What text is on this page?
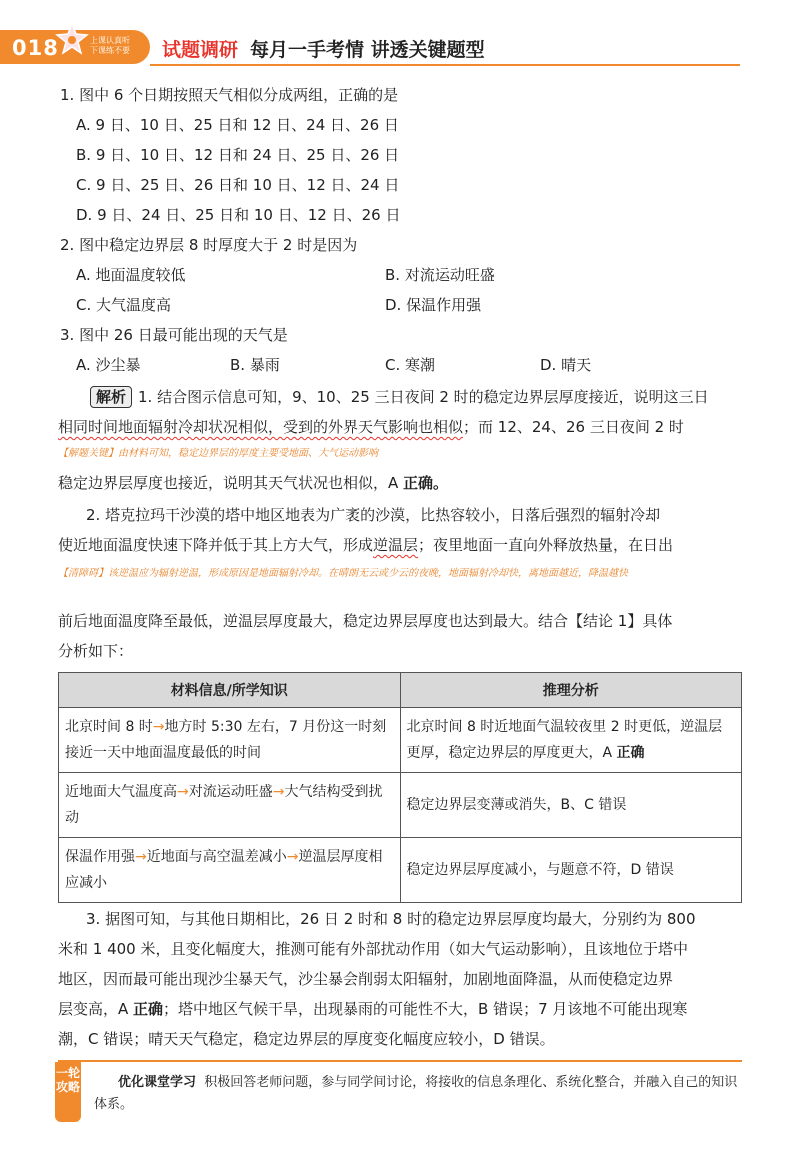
018	上课认真听 下课练不要	试题调研 每月一手考情 讲透关键题型
1. 图中 6 个日期按照天气相似分成两组，正确的是
A. 9 日、10 日、25 日和 12 日、24 日、26 日
B. 9 日、10 日、12 日和 24 日、25 日、26 日
C. 9 日、25 日、26 日和 10 日、12 日、24 日
D. 9 日、24 日、25 日和 10 日、12 日、26 日
2. 图中稳定边界层 8 时厚度大于 2 时是因为
A. 地面温度较低	B. 对流运动旺盛
C. 大气温度高	D. 保温作用强
3. 图中 26 日最可能出现的天气是
A. 沙尘暴	B. 暴雨	C. 寒潮	D. 晴天
解析 1. 结合图示信息可知，9、10、25 三日夜间 2 时的稳定边界层厚度接近，说明这三日
相同时间地面辐射冷却状况相似，受到的外界天气影响也相似；而 12、24、26 三日夜间 2 时
【解题关键】由材料可知，稳定边界层的厚度主要受地面、大气运动影响
稳定边界层厚度也接近，说明其天气状况也相似，A 正确。
2. 塔克拉玛干沙漠的塔中地区地表为广袤的沙漠，比热容较小，日落后强烈的辐射冷却
使近地面温度快速下降并低于其上方大气，形成逆温层；夜里地面一直向外释放热量，在日出
【清障碍】该逆温应为辐射逆温，形成原因是地面辐射冷却。在晴朗无云或少云的夜晚，地面辐射冷却快，离地面越近，降温越快
前后地面温度降至最低，逆温层厚度最大，稳定边界层厚度也达到最大。结合【结论 1】具体
分析如下：
材料信息/所学知识	推理分析
北京时间 8 时→地方时 5:30 左右，7 月份这一时刻接近一天中地面温度最低的时间	北京时间 8 时近地面气温较夜里 2 时更低，逆温层更厚，稳定边界层的厚度更大，A 正确
近地面大气温度高→对流运动旺盛→大气结构受到扰动	稳定边界层变薄或消失，B、C 错误
保温作用强→近地面与高空温差减小→逆温层厚度相应减小	稳定边界层厚度减小，与题意不符，D 错误
3. 据图可知，与其他日期相比，26 日 2 时和 8 时的稳定边界层厚度均最大，分别约为 800
米和 1 400 米，且变化幅度大，推测可能有外部扰动作用（如大气运动影响），且该地位于塔中
地区，因而最可能出现沙尘暴天气，沙尘暴会削弱太阳辐射，加剧地面降温，从而使稳定边界
层变高，A 正确；塔中地区气候干旱，出现暴雨的可能性不大，B 错误；7 月该地不可能出现寒
潮，C 错误；晴天天气稳定，稳定边界层的厚度变化幅度应较小，D 错误。
一轮攻略	优化课堂学习 积极回答老师问题，参与同学间讨论，将接收的信息条理化、系统化整合，并融入自己的知识体系。
